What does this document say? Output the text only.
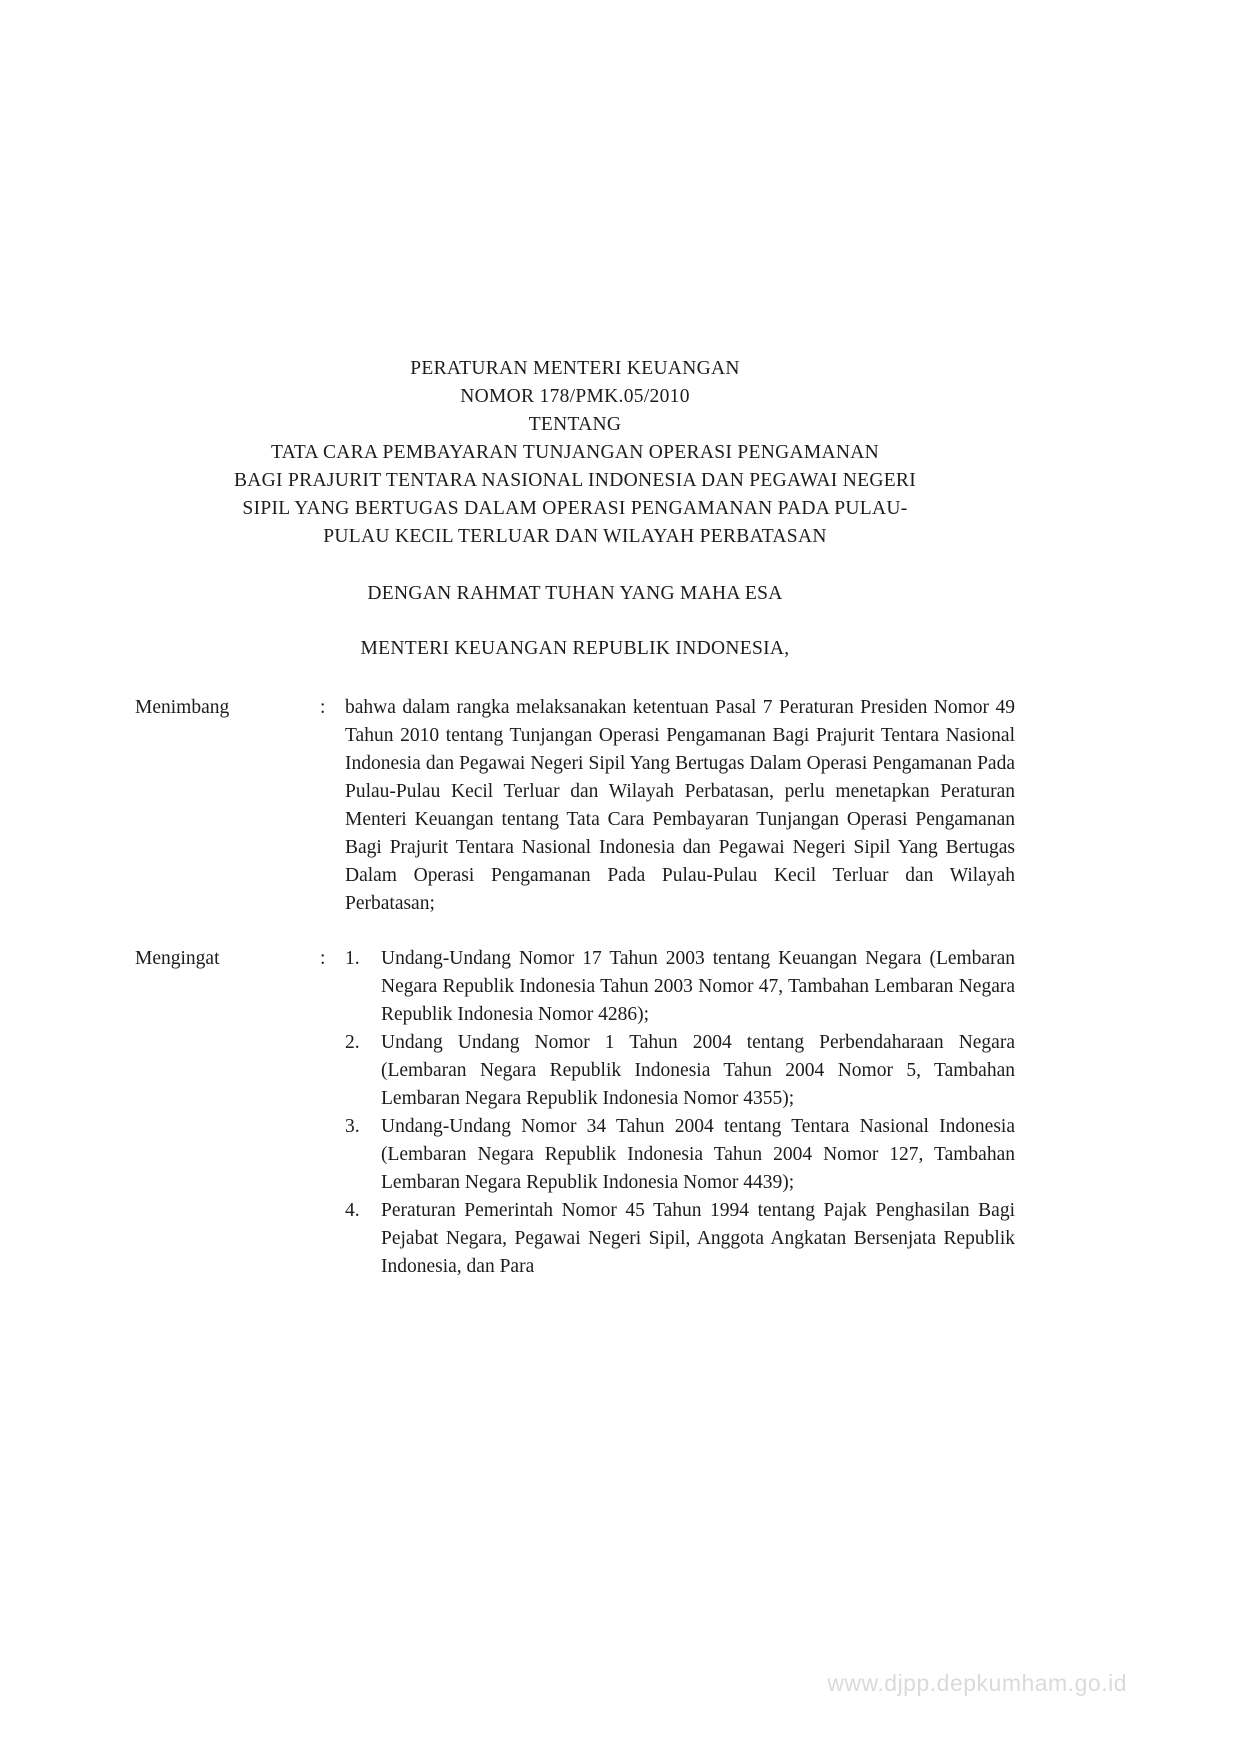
PERATURAN MENTERI KEUANGAN
NOMOR 178/PMK.05/2010
TENTANG
TATA CARA PEMBAYARAN TUNJANGAN OPERASI PENGAMANAN
BAGI PRAJURIT TENTARA NASIONAL INDONESIA DAN PEGAWAI NEGERI
SIPIL YANG BERTUGAS DALAM OPERASI PENGAMANAN PADA PULAU-
PULAU KECIL TERLUAR DAN WILAYAH PERBATASAN
DENGAN RAHMAT TUHAN YANG MAHA ESA
MENTERI KEUANGAN REPUBLIK INDONESIA,
Menimbang	:	bahwa dalam rangka melaksanakan ketentuan Pasal 7 Peraturan Presiden Nomor 49 Tahun 2010 tentang Tunjangan Operasi Pengamanan Bagi Prajurit Tentara Nasional Indonesia dan Pegawai Negeri Sipil Yang Bertugas Dalam Operasi Pengamanan Pada Pulau-Pulau Kecil Terluar dan Wilayah Perbatasan, perlu menetapkan Peraturan Menteri Keuangan tentang Tata Cara Pembayaran Tunjangan Operasi Pengamanan Bagi Prajurit Tentara Nasional Indonesia dan Pegawai Negeri Sipil Yang Bertugas Dalam Operasi Pengamanan Pada Pulau-Pulau Kecil Terluar dan Wilayah Perbatasan;
Mengingat	:	1.	Undang-Undang Nomor 17 Tahun 2003 tentang Keuangan Negara (Lembaran Negara Republik Indonesia Tahun 2003 Nomor 47, Tambahan Lembaran Negara Republik Indonesia Nomor 4286);
2.	Undang Undang Nomor 1 Tahun 2004 tentang Perbendaharaan Negara (Lembaran Negara Republik Indonesia Tahun 2004 Nomor 5, Tambahan Lembaran Negara Republik Indonesia Nomor 4355);
3.	Undang-Undang Nomor 34 Tahun 2004 tentang Tentara Nasional Indonesia (Lembaran Negara Republik Indonesia Tahun 2004 Nomor 127, Tambahan Lembaran Negara Republik Indonesia Nomor 4439);
4.	Peraturan Pemerintah Nomor 45 Tahun 1994 tentang Pajak Penghasilan Bagi Pejabat Negara, Pegawai Negeri Sipil, Anggota Angkatan Bersenjata Republik Indonesia, dan Para
www.djpp.depkumham.go.id
